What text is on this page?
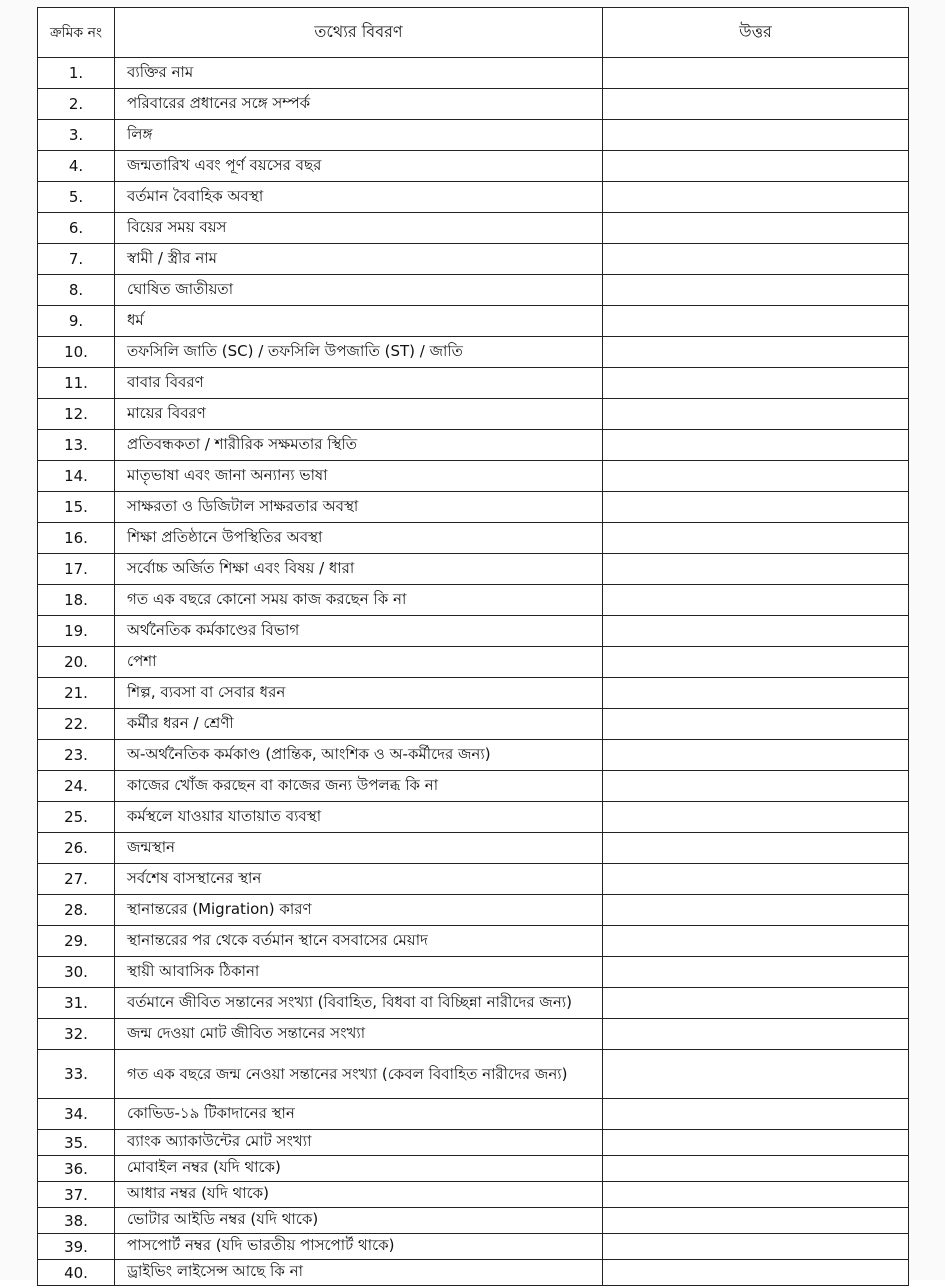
ক্রমিক নং	তথ্যের বিবরণ	উত্তর
1.	ব্যক্তির নাম	
2.	পরিবারের প্রধানের সঙ্গে সম্পর্ক	
3.	লিঙ্গ	
4.	জন্মতারিখ এবং পূর্ণ বয়সের বছর	
5.	বর্তমান বৈবাহিক অবস্থা	
6.	বিয়ের সময় বয়স	
7.	স্বামী / স্ত্রীর নাম	
8.	ঘোষিত জাতীয়তা	
9.	ধর্ম	
10.	তফসিলি জাতি (SC) / তফসিলি উপজাতি (ST) / জাতি	
11.	বাবার বিবরণ	
12.	মায়ের বিবরণ	
13.	প্রতিবন্ধকতা / শারীরিক সক্ষমতার স্থিতি	
14.	মাতৃভাষা এবং জানা অন্যান্য ভাষা	
15.	সাক্ষরতা ও ডিজিটাল সাক্ষরতার অবস্থা	
16.	শিক্ষা প্রতিষ্ঠানে উপস্থিতির অবস্থা	
17.	সর্বোচ্চ অর্জিত শিক্ষা এবং বিষয় / ধারা	
18.	গত এক বছরে কোনো সময় কাজ করছেন কি না	
19.	অর্থনৈতিক কর্মকাণ্ডের বিভাগ	
20.	পেশা	
21.	শিল্প, ব্যবসা বা সেবার ধরন	
22.	কর্মীর ধরন / শ্রেণী	
23.	অ-অর্থনৈতিক কর্মকাণ্ড (প্রান্তিক, আংশিক ও অ-কর্মীদের জন্য)	
24.	কাজের খোঁজ করছেন বা কাজের জন্য উপলব্ধ কি না	
25.	কর্মস্থলে যাওয়ার যাতায়াত ব্যবস্থা	
26.	জন্মস্থান	
27.	সর্বশেষ বাসস্থানের স্থান	
28.	স্থানান্তরের (Migration) কারণ	
29.	স্থানান্তরের পর থেকে বর্তমান স্থানে বসবাসের মেয়াদ	
30.	স্থায়ী আবাসিক ঠিকানা	
31.	বর্তমানে জীবিত সন্তানের সংখ্যা (বিবাহিত, বিধবা বা বিচ্ছিন্না নারীদের জন্য)	
32.	জন্ম দেওয়া মোট জীবিত সন্তানের সংখ্যা	
33.	গত এক বছরে জন্ম নেওয়া সন্তানের সংখ্যা (কেবল বিবাহিত নারীদের জন্য)	
34.	কোভিড-১৯ টিকাদানের স্থান	
35.	ব্যাংক অ্যাকাউন্টের মোট সংখ্যা	
36.	মোবাইল নম্বর (যদি থাকে)	
37.	আধার নম্বর (যদি থাকে)	
38.	ভোটার আইডি নম্বর (যদি থাকে)	
39.	পাসপোর্ট নম্বর (যদি ভারতীয় পাসপোর্ট থাকে)	
40.	ড্রাইভিং লাইসেন্স আছে কি না	
